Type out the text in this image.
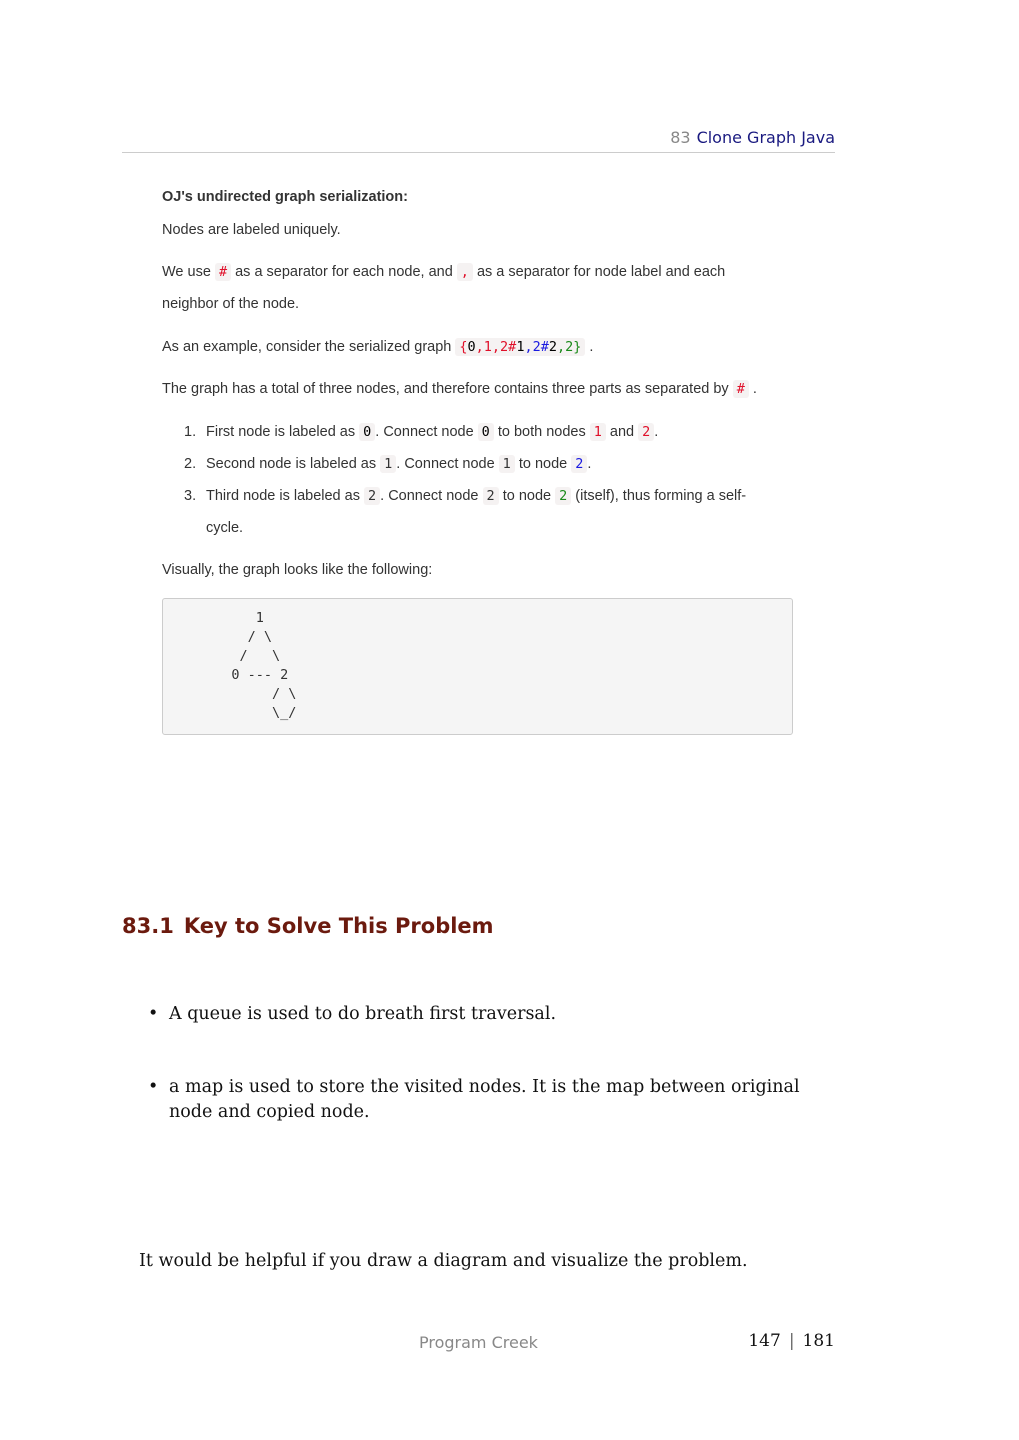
83 Clone Graph Java
OJ's undirected graph serialization:
Nodes are labeled uniquely.
We use # as a separator for each node, and , as a separator for node label and each
neighbor of the node.
As an example, consider the serialized graph {0,1,2#1,2#2,2} .
The graph has a total of three nodes, and therefore contains three parts as separated by # .
1. First node is labeled as 0 . Connect node 0 to both nodes 1 and 2 .
2. Second node is labeled as 1 . Connect node 1 to node 2 .
3. Third node is labeled as 2 . Connect node 2 to node 2 (itself), thus forming a self-
cycle.
Visually, the graph looks like the following:
1
/ \
/   \
0 --- 2
/ \
\_/
83.1 Key to Solve This Problem
• A queue is used to do breath first traversal.
• a map is used to store the visited nodes. It is the map between original node and copied node.
It would be helpful if you draw a diagram and visualize the problem.
Program Creek	147 | 181
